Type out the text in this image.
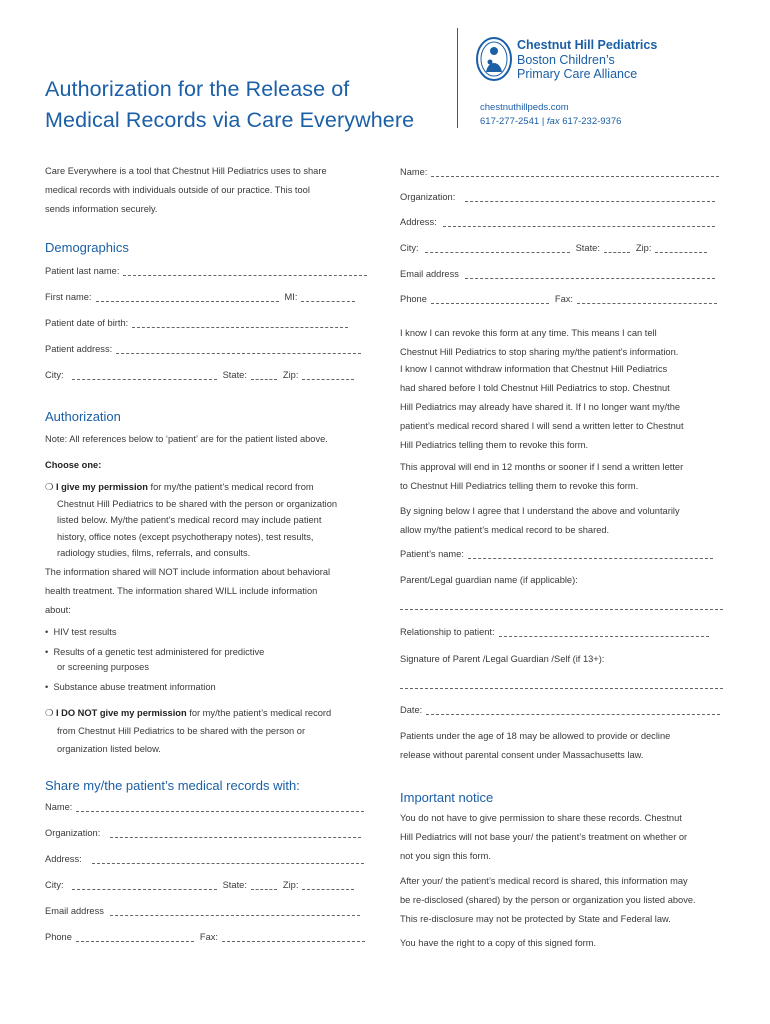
Authorization for the Release of
Medical Records via Care Everywhere
Chestnut Hill Pediatrics
Boston Children’s
Primary Care Alliance
chestnuthillpeds.com
617-277-2541 | fax 617-232-9376
Care Everywhere is a tool that Chestnut Hill Pediatrics uses to share
medical records with individuals outside of our practice. This tool
sends information securely.
Demographics
Patient last name:
First name:	MI:
Patient date of birth:
Patient address:
City:	State:	Zip:
Authorization
Note: All references below to ‘patient’ are for the patient listed above.
Choose one:
❍ I give my permission for my/the patient’s medical record from
Chestnut Hill Pediatrics to be shared with the person or organization
listed below. My/the patient’s medical record may include patient
history, office notes (except psychotherapy notes), test results,
radiology studies, films, referrals, and consults.
The information shared will NOT include information about behavioral
health treatment. The information shared WILL include information
about:
• HIV test results
• Results of a genetic test administered for predictive
or screening purposes
• Substance abuse treatment information
❍ I DO NOT give my permission for my/the patient’s medical record
from Chestnut Hill Pediatrics to be shared with the person or
organization listed below.
Share my/the patient’s medical records with:
Name:
Organization:
Address:
City:	State:	Zip:
Email address
Phone	Fax:
Name:
Organization:
Address:
City:	State:	Zip:
Email address
Phone	Fax:
I know I can revoke this form at any time. This means I can tell
Chestnut Hill Pediatrics to stop sharing my/the patient’s information.
I know I cannot withdraw information that Chestnut Hill Pediatrics
had shared before I told Chestnut Hill Pediatrics to stop. Chestnut
Hill Pediatrics may already have shared it. If I no longer want my/the
patient’s medical record shared I will send a written letter to Chestnut
Hill Pediatrics telling them to revoke this form.
This approval will end in 12 months or sooner if I send a written letter
to Chestnut Hill Pediatrics telling them to revoke this form.
By signing below I agree that I understand the above and voluntarily
allow my/the patient’s medical record to be shared.
Patient’s name:
Parent/Legal guardian name (if applicable):
Relationship to patient:
Signature of Parent /Legal Guardian /Self (if 13+):
Date:
Patients under the age of 18 may be allowed to provide or decline
release without parental consent under Massachusetts law.
Important notice
You do not have to give permission to share these records. Chestnut
Hill Pediatrics will not base your/ the patient’s treatment on whether or
not you sign this form.
After your/ the patient’s medical record is shared, this information may
be re-disclosed (shared) by the person or organization you listed above.
This re-disclosure may not be protected by State and Federal law.
You have the right to a copy of this signed form.
